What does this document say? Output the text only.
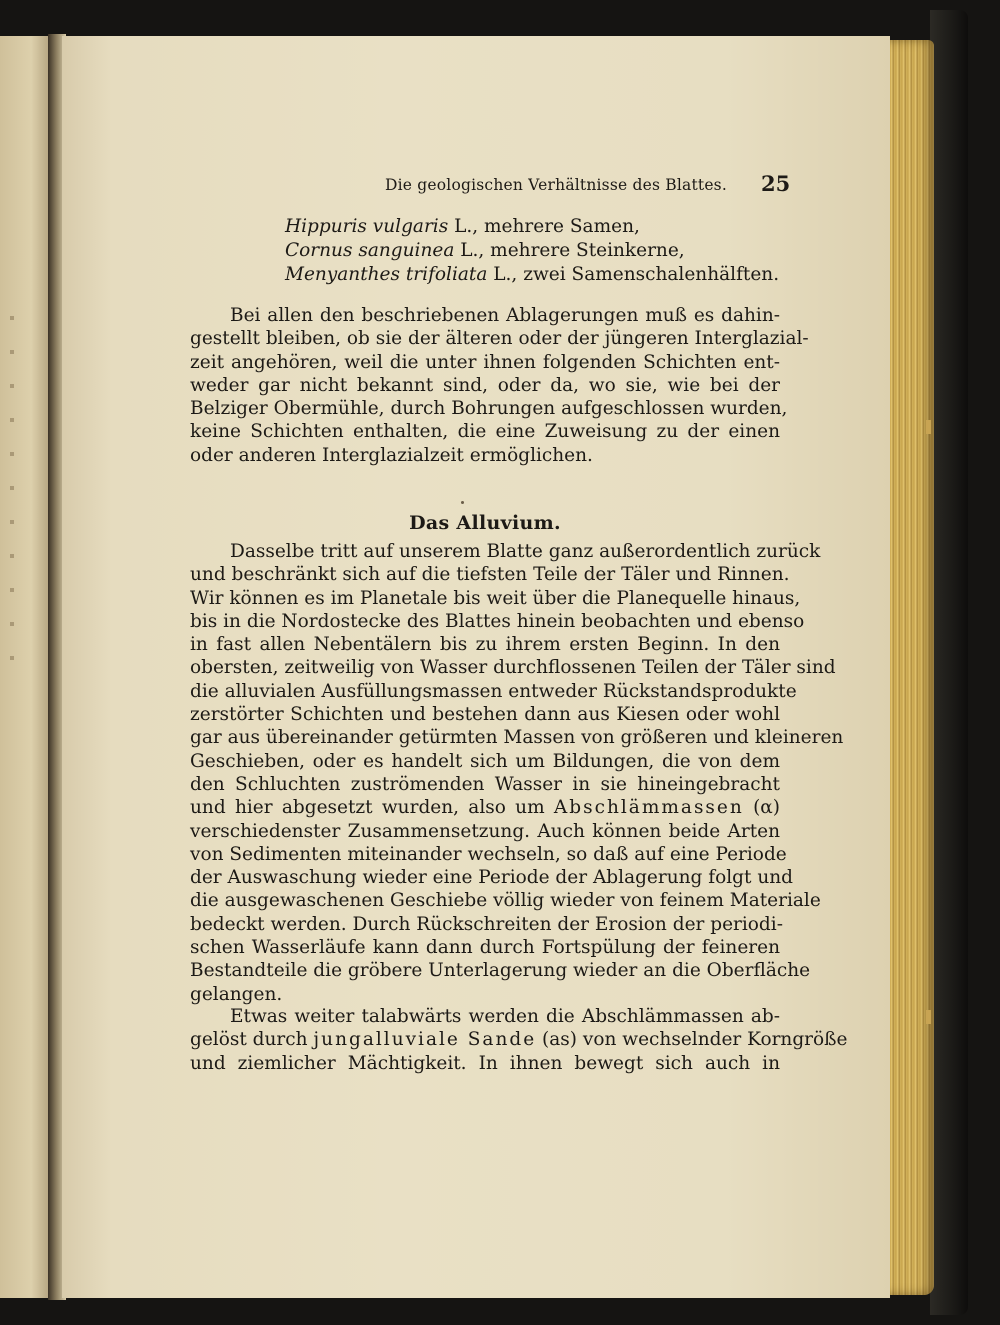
Die geologischen Verhältnisse des Blattes. 25
Hippuris vulgaris L., mehrere Samen,
Cornus sanguinea L., mehrere Steinkerne,
Menyanthes trifoliata L., zwei Samenschalenhälften.
Bei allen den beschriebenen Ablagerungen muß es dahin-
gestellt bleiben, ob sie der älteren oder der jüngeren Interglazial-
zeit angehören, weil die unter ihnen folgenden Schichten ent-
weder gar nicht bekannt sind, oder da, wo sie, wie bei der
Belziger Obermühle, durch Bohrungen aufgeschlossen wurden,
keine Schichten enthalten, die eine Zuweisung zu der einen
oder anderen Interglazialzeit ermöglichen.
Das Alluvium.
Dasselbe tritt auf unserem Blatte ganz außerordentlich zurück
und beschränkt sich auf die tiefsten Teile der Täler und Rinnen.
Wir können es im Planetale bis weit über die Planequelle hinaus,
bis in die Nordostecke des Blattes hinein beobachten und ebenso
in fast allen Nebentälern bis zu ihrem ersten Beginn. In den
obersten, zeitweilig von Wasser durchflossenen Teilen der Täler sind
die alluvialen Ausfüllungsmassen entweder Rückstandsprodukte
zerstörter Schichten und bestehen dann aus Kiesen oder wohl
gar aus übereinander getürmten Massen von größeren und kleineren
Geschieben, oder es handelt sich um Bildungen, die von dem
den Schluchten zuströmenden Wasser in sie hineingebracht
und hier abgesetzt wurden, also um Abschlämmassen (α)
verschiedenster Zusammensetzung. Auch können beide Arten
von Sedimenten miteinander wechseln, so daß auf eine Periode
der Auswaschung wieder eine Periode der Ablagerung folgt und
die ausgewaschenen Geschiebe völlig wieder von feinem Materiale
bedeckt werden. Durch Rückschreiten der Erosion der periodi-
schen Wasserläufe kann dann durch Fortspülung der feineren
Bestandteile die gröbere Unterlagerung wieder an die Oberfläche
gelangen.
Etwas weiter talabwärts werden die Abschlämmassen ab-
gelöst durch jungalluviale Sande (as) von wechselnder Korngröße
und ziemlicher Mächtigkeit. In ihnen bewegt sich auch in
